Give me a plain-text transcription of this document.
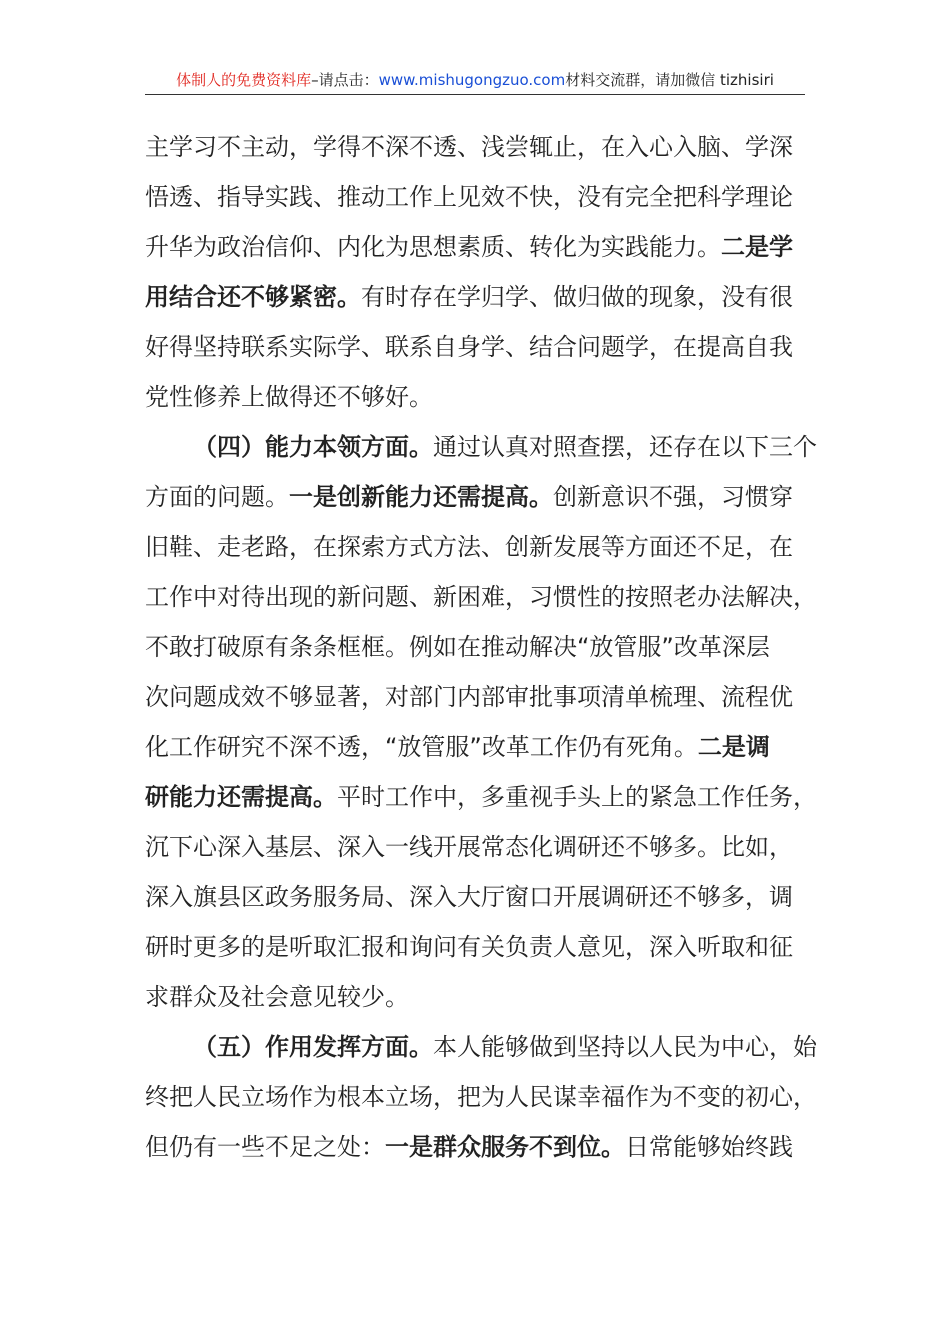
体制人的免费资料库–请点击：www.mishugongzuo.com材料交流群，请加微信 tizhisiri
主学习不主动，学得不深不透、浅尝辄止，在入心入脑、学深
悟透、指导实践、推动工作上见效不快，没有完全把科学理论
升华为政治信仰、内化为思想素质、转化为实践能力。二是学
用结合还不够紧密。有时存在学归学、做归做的现象，没有很
好得坚持联系实际学、联系自身学、结合问题学，在提高自我
党性修养上做得还不够好。
（四）能力本领方面。通过认真对照查摆，还存在以下三个
方面的问题。一是创新能力还需提高。创新意识不强，习惯穿
旧鞋、走老路，在探索方式方法、创新发展等方面还不足，在
工作中对待出现的新问题、新困难，习惯性的按照老办法解决，
不敢打破原有条条框框。例如在推动解决“放管服”改革深层
次问题成效不够显著，对部门内部审批事项清单梳理、流程优
化工作研究不深不透，“放管服”改革工作仍有死角。二是调
研能力还需提高。平时工作中，多重视手头上的紧急工作任务，
沉下心深入基层、深入一线开展常态化调研还不够多。比如，
深入旗县区政务服务局、深入大厅窗口开展调研还不够多，调
研时更多的是听取汇报和询问有关负责人意见，深入听取和征
求群众及社会意见较少。
（五）作用发挥方面。本人能够做到坚持以人民为中心，始
终把人民立场作为根本立场，把为人民谋幸福作为不变的初心，
但仍有一些不足之处：一是群众服务不到位。日常能够始终践
